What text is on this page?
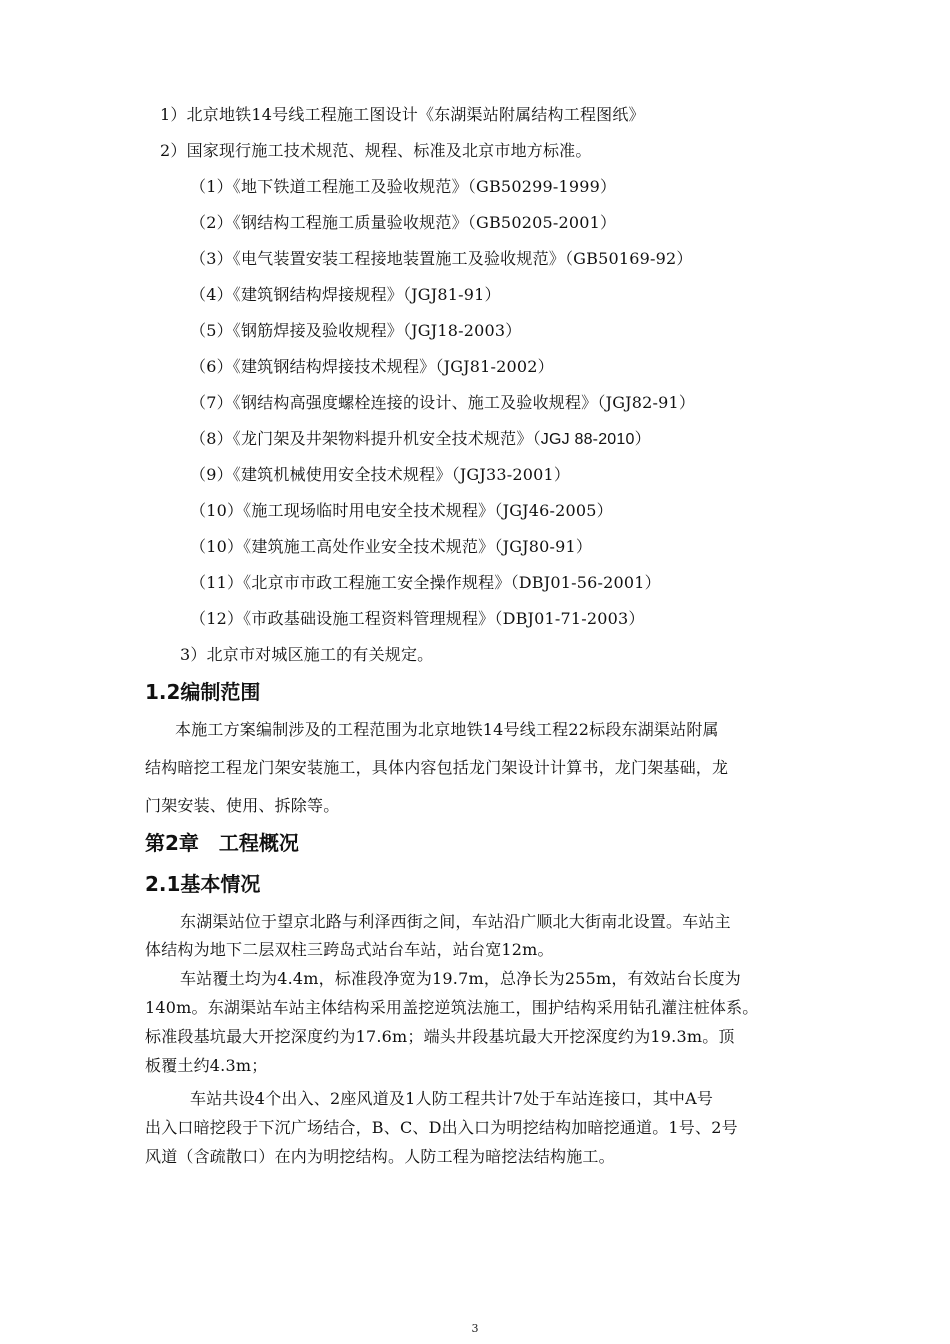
1）北京地铁14号线工程施工图设计《东湖渠站附属结构工程图纸》
2）国家现行施工技术规范、规程、标准及北京市地方标准。
（1）《地下铁道工程施工及验收规范》（GB50299-1999）
（2）《钢结构工程施工质量验收规范》（GB50205-2001）
（3）《电气装置安装工程接地装置施工及验收规范》（GB50169-92）
（4）《建筑钢结构焊接规程》（JGJ81-91）
（5）《钢筋焊接及验收规程》（JGJ18-2003）
（6）《建筑钢结构焊接技术规程》（JGJ81-2002）
（7）《钢结构高强度螺栓连接的设计、施工及验收规程》（JGJ82-91）
（8）《龙门架及井架物料提升机安全技术规范》（JGJ 88-2010）
（9）《建筑机械使用安全技术规程》（JGJ33-2001）
（10）《施工现场临时用电安全技术规程》（JGJ46-2005）
（10）《建筑施工高处作业安全技术规范》（JGJ80-91）
（11）《北京市市政工程施工安全操作规程》（DBJ01-56-2001）
（12）《市政基础设施工程资料管理规程》（DBJ01-71-2003）
3）北京市对城区施工的有关规定。
1.2编制范围
本施工方案编制涉及的工程范围为北京地铁14号线工程22标段东湖渠站附属
结构暗挖工程龙门架安装施工，具体内容包括龙门架设计计算书，龙门架基础，龙
门架安装、使用、拆除等。
第2章　工程概况
2.1基本情况
东湖渠站位于望京北路与利泽西街之间，车站沿广顺北大街南北设置。车站主
体结构为地下二层双柱三跨岛式站台车站，站台宽12m。
车站覆土均为4.4m，标准段净宽为19.7m，总净长为255m，有效站台长度为
140m。东湖渠站车站主体结构采用盖挖逆筑法施工，围护结构采用钻孔灌注桩体系。
标准段基坑最大开挖深度约为17.6m；端头井段基坑最大开挖深度约为19.3m。顶
板覆土约4.3m；
车站共设4个出入、2座风道及1人防工程共计7处于车站连接口，其中A号
出入口暗挖段于下沉广场结合，B、C、D出入口为明挖结构加暗挖通道。1号、2号
风道（含疏散口）在内为明挖结构。人防工程为暗挖法结构施工。
3
